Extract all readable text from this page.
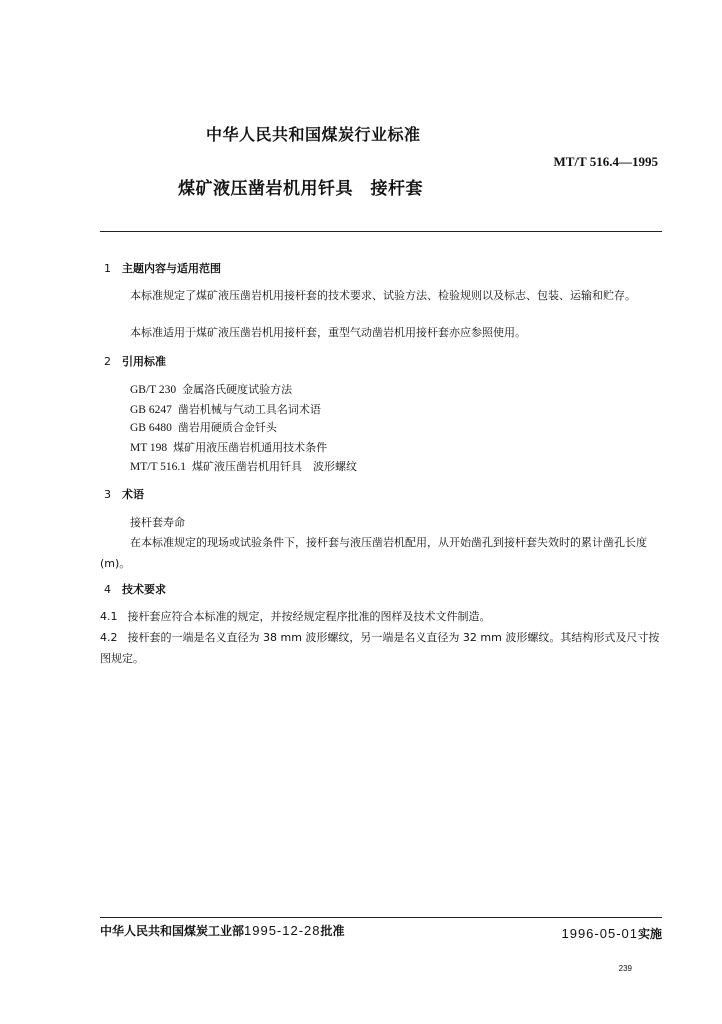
中华人民共和国煤炭行业标准
MT/T 516.4—1995
煤矿液压凿岩机用钎具　接杆套
1 主题内容与适用范围
本标准规定了煤矿液压凿岩机用接杆套的技术要求、试验方法、检验规则以及标志、包装、运输和贮存。
本标准适用于煤矿液压凿岩机用接杆套，重型气动凿岩机用接杆套亦应参照使用。
2 引用标准
GB/T 230 金属洛氏硬度试验方法
GB 6247 凿岩机械与气动工具名词术语
GB 6480 凿岩用硬质合金钎头
MT 198 煤矿用液压凿岩机通用技术条件
MT/T 516.1 煤矿液压凿岩机用钎具　波形螺纹
3 术语
接杆套寿命
在本标准规定的现场或试验条件下，接杆套与液压凿岩机配用，从开始凿孔到接杆套失效时的累计凿孔长度(m)。
4 技术要求
4.1 接杆套应符合本标准的规定，并按经规定程序批准的图样及技术文件制造。
4.2 接杆套的一端是名义直径为 38 mm 波形螺纹，另一端是名义直径为 32 mm 波形螺纹。其结构形式及尺寸按图规定。
中华人民共和国煤炭工业部1995-12-28批准	1996-05-01实施
239
